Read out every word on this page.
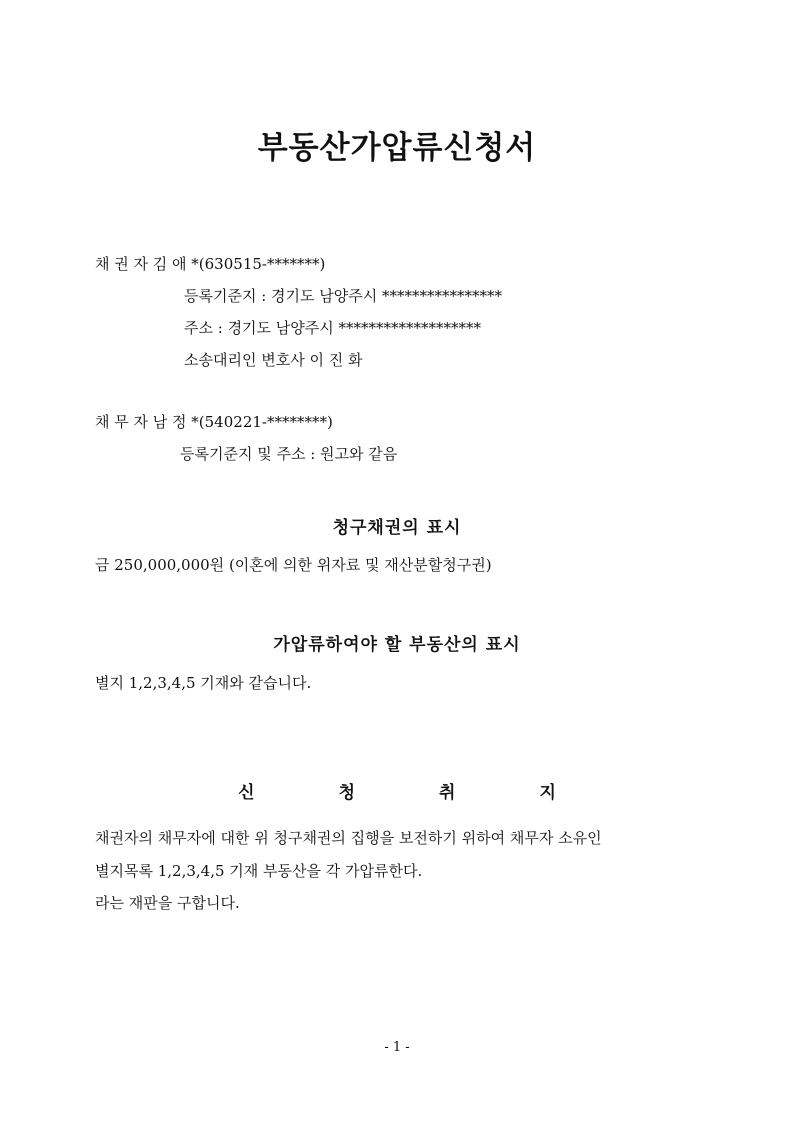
부동산가압류신청서
채 권 자 김 애 *(630515-*******)
등록기준지 : 경기도 남양주시 ****************
주소 : 경기도 남양주시 *******************
소송대리인 변호사 이 진 화
채 무 자 남 정 *(540221-********)
등록기준지 및 주소 : 원고와 같음
청구채권의 표시
금 250,000,000원 (이혼에 의한 위자료 및 재산분할청구권)
가압류하여야 할 부동산의 표시
별지 1,2,3,4,5 기재와 같습니다.
신	청	취	지
채권자의 채무자에 대한 위 청구채권의 집행을 보전하기 위하여 채무자 소유인
별지목록 1,2,3,4,5 기재 부동산을 각 가압류한다.
라는 재판을 구합니다.
- 1 -
